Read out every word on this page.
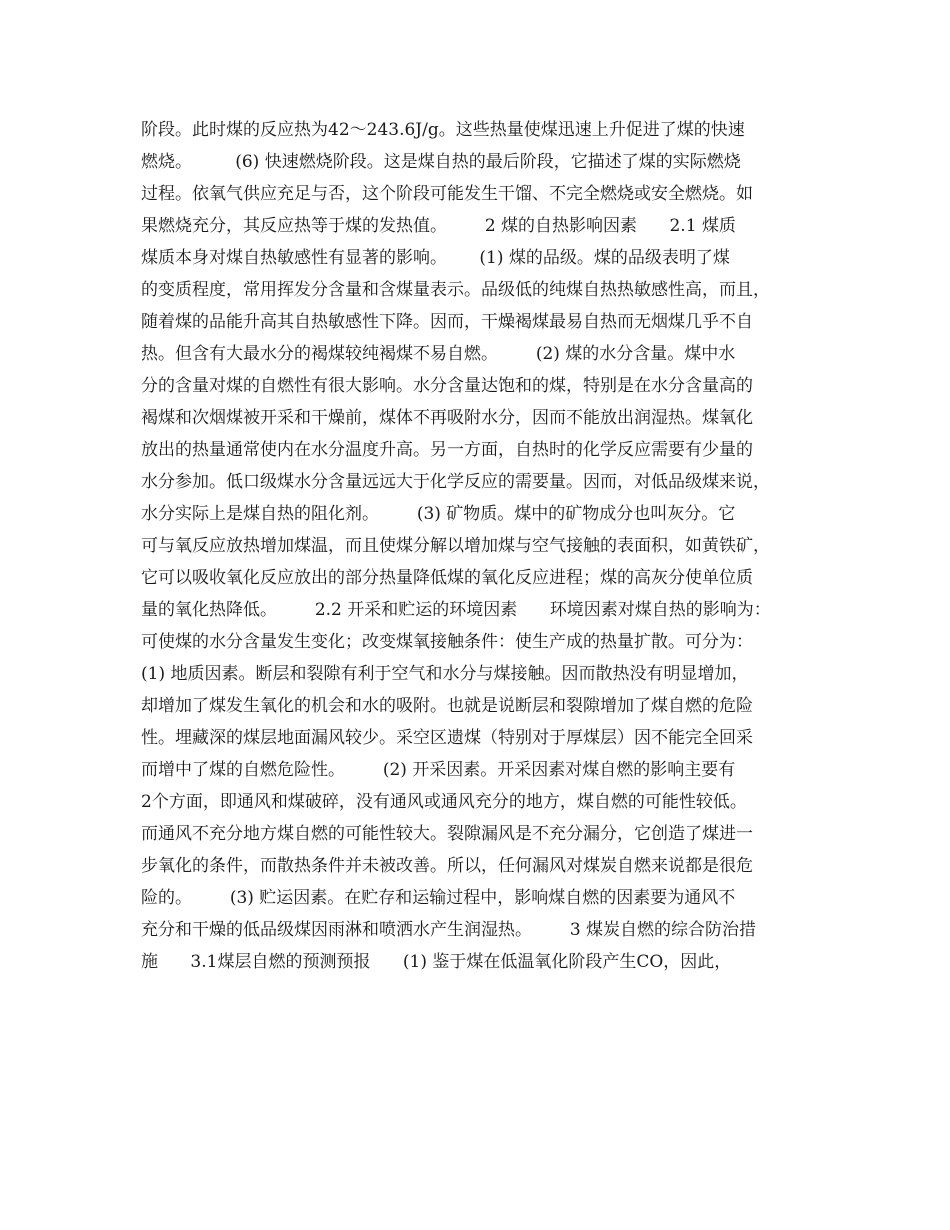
阶段。此时煤的反应热为42～243.6J/g。这些热量使煤迅速上升促进了煤的快速
燃烧。        (6) 快速燃烧阶段。这是煤自热的最后阶段，它描述了煤的实际燃烧
过程。依氧气供应充足与否，这个阶段可能发生干馏、不完全燃烧或安全燃烧。如
果燃烧充分，其反应热等于煤的发热值。       2 煤的自热影响因素      2.1 煤质
煤质本身对煤自热敏感性有显著的影响。      (1) 煤的品级。煤的品级表明了煤
的变质程度，常用挥发分含量和含煤量表示。品级低的纯煤自热热敏感性高，而且，
随着煤的品能升高其自热敏感性下降。因而，干燥褐煤最易自热而无烟煤几乎不自
热。但含有大最水分的褐煤较纯褐煤不易自燃。       (2) 煤的水分含量。煤中水
分的含量对煤的自燃性有很大影响。水分含量达饱和的煤，特别是在水分含量高的
褐煤和次烟煤被开采和干燥前，煤体不再吸附水分，因而不能放出润湿热。煤氧化
放出的热量通常使内在水分温度升高。另一方面，自热时的化学反应需要有少量的
水分参加。低口级煤水分含量远远大于化学反应的需要量。因而，对低品级煤来说，
水分实际上是煤自热的阻化剂。       (3) 矿物质。煤中的矿物成分也叫灰分。它
可与氧反应放热增加煤温，而且使煤分解以增加煤与空气接触的表面积，如黄铁矿，
它可以吸收氧化反应放出的部分热量降低煤的氧化反应进程；煤的高灰分使单位质
量的氧化热降低。       2.2 开采和贮运的环境因素      环境因素对煤自热的影响为：
可使煤的水分含量发生变化；改变煤氧接触条件：使生产成的热量扩散。可分为：
(1) 地质因素。断层和裂隙有利于空气和水分与煤接触。因而散热没有明显增加，
却增加了煤发生氧化的机会和水的吸附。也就是说断层和裂隙增加了煤自燃的危险
性。埋藏深的煤层地面漏风较少。采空区遗煤（特别对于厚煤层）因不能完全回采
而增中了煤的自燃危险性。       (2) 开采因素。开采因素对煤自燃的影响主要有
2个方面，即通风和煤破碎，没有通风或通风充分的地方，煤自燃的可能性较低。
而通风不充分地方煤自燃的可能性较大。裂隙漏风是不充分漏分，它创造了煤进一
步氧化的条件，而散热条件并未被改善。所以，任何漏风对煤炭自燃来说都是很危
险的。       (3) 贮运因素。在贮存和运输过程中，影响煤自燃的因素要为通风不
充分和干燥的低品级煤因雨淋和喷洒水产生润湿热。       3 煤炭自燃的综合防治措
施      3.1煤层自燃的预测预报      (1) 鉴于煤在低温氧化阶段产生CO，因此，
